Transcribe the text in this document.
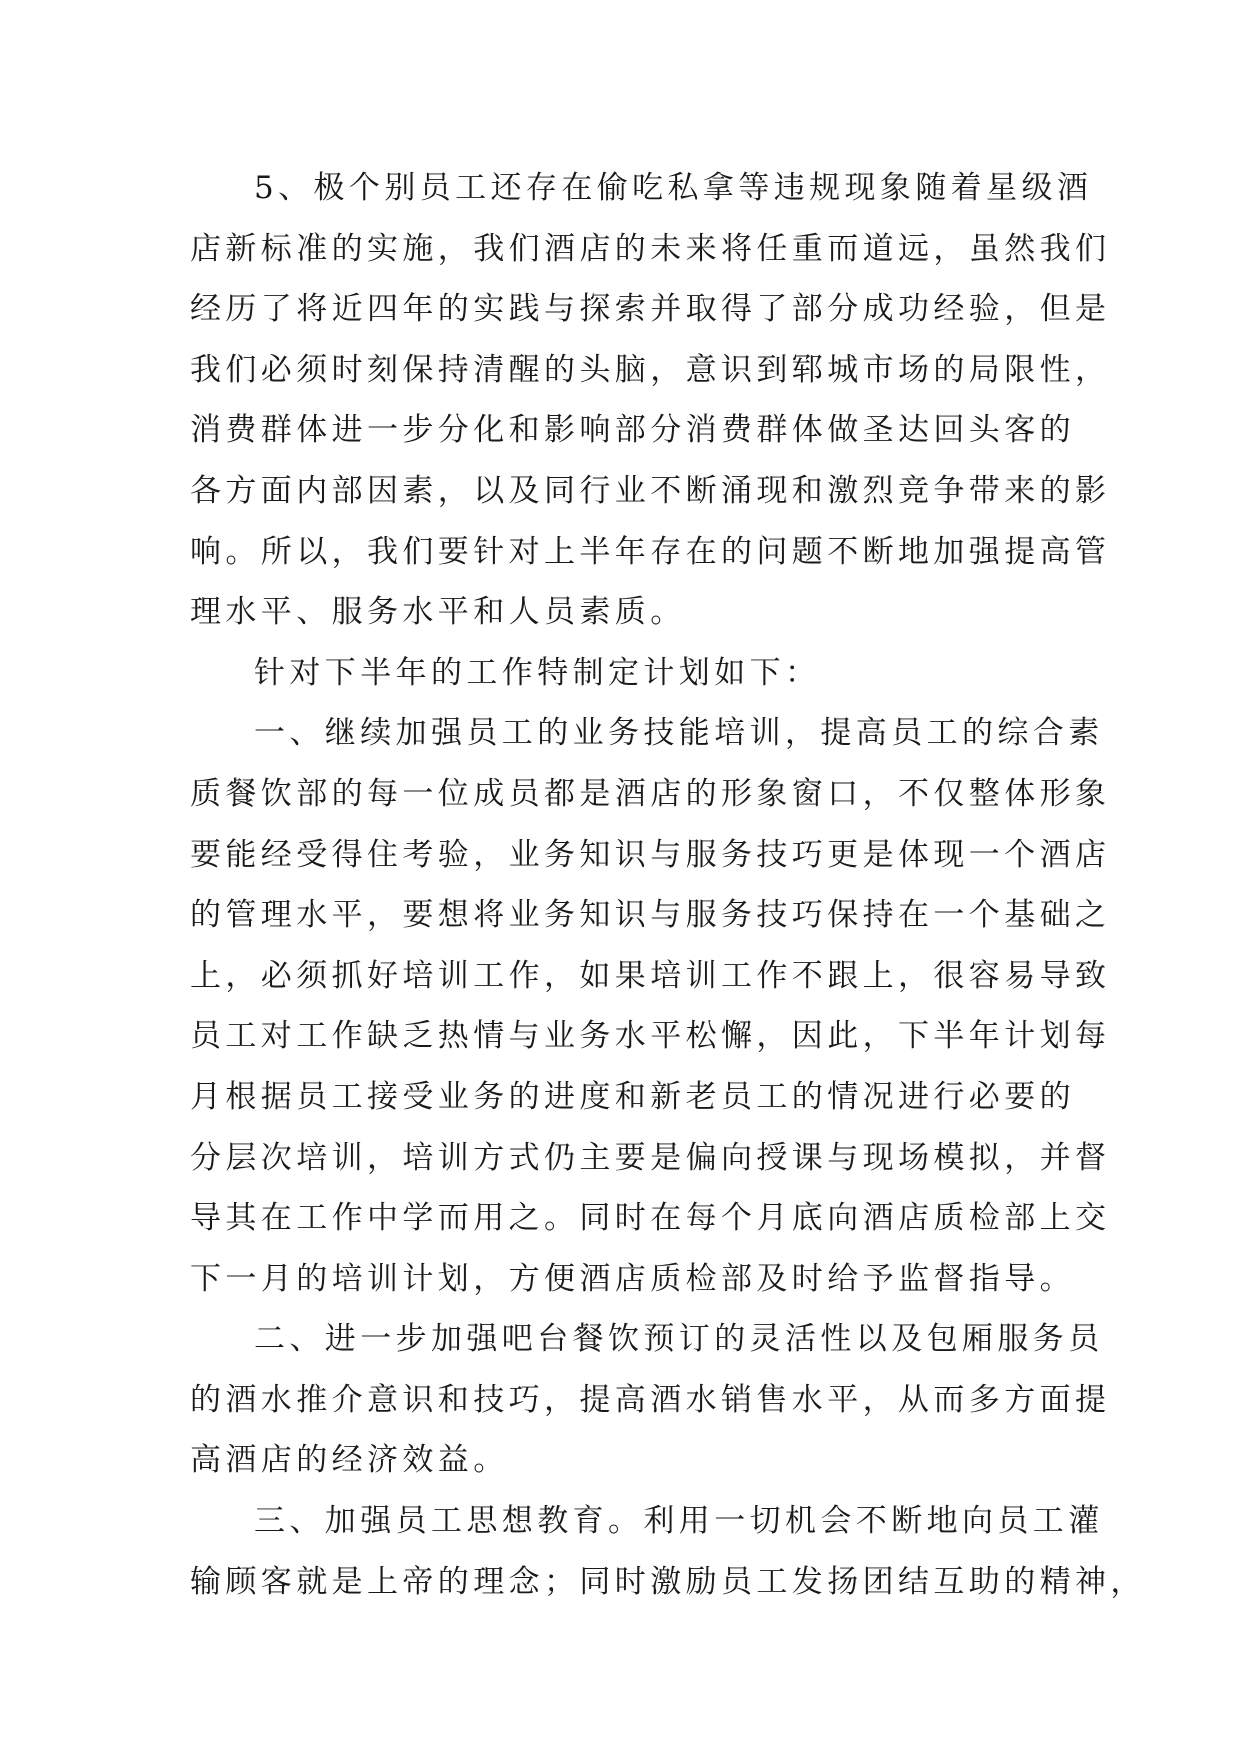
5、极个别员工还存在偷吃私拿等违规现象随着星级酒
店新标准的实施，我们酒店的未来将任重而道远，虽然我们
经历了将近四年的实践与探索并取得了部分成功经验，但是
我们必须时刻保持清醒的头脑，意识到郓城市场的局限性，
消费群体进一步分化和影响部分消费群体做圣达回头客的
各方面内部因素，以及同行业不断涌现和激烈竞争带来的影
响。所以，我们要针对上半年存在的问题不断地加强提高管
理水平、服务水平和人员素质。
针对下半年的工作特制定计划如下：
一、继续加强员工的业务技能培训，提高员工的综合素
质餐饮部的每一位成员都是酒店的形象窗口，不仅整体形象
要能经受得住考验，业务知识与服务技巧更是体现一个酒店
的管理水平，要想将业务知识与服务技巧保持在一个基础之
上，必须抓好培训工作，如果培训工作不跟上，很容易导致
员工对工作缺乏热情与业务水平松懈，因此，下半年计划每
月根据员工接受业务的进度和新老员工的情况进行必要的
分层次培训，培训方式仍主要是偏向授课与现场模拟，并督
导其在工作中学而用之。同时在每个月底向酒店质检部上交
下一月的培训计划，方便酒店质检部及时给予监督指导。
二、进一步加强吧台餐饮预订的灵活性以及包厢服务员
的酒水推介意识和技巧，提高酒水销售水平，从而多方面提
高酒店的经济效益。
三、加强员工思想教育。利用一切机会不断地向员工灌
输顾客就是上帝的理念；同时激励员工发扬团结互助的精神，
